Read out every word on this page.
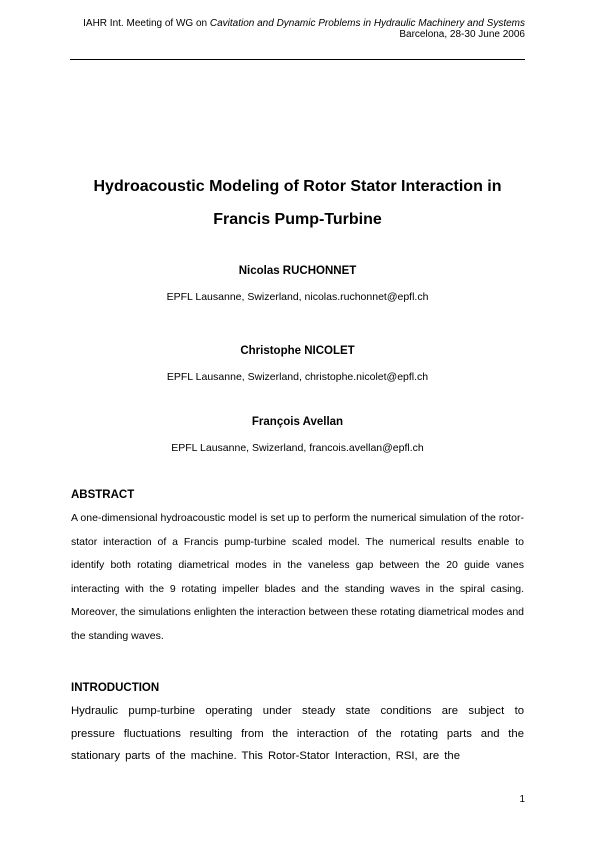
IAHR Int. Meeting of WG on Cavitation and Dynamic Problems in Hydraulic Machinery and Systems
Barcelona, 28-30 June 2006
Hydroacoustic Modeling of Rotor Stator Interaction in
Francis Pump-Turbine
Nicolas RUCHONNET
EPFL Lausanne, Swizerland, nicolas.ruchonnet@epfl.ch
Christophe NICOLET
EPFL Lausanne, Swizerland, christophe.nicolet@epfl.ch
François Avellan
EPFL Lausanne, Swizerland, francois.avellan@epfl.ch
ABSTRACT
A one-dimensional hydroacoustic model is set up to perform the numerical simulation of the rotor-stator interaction of a Francis pump-turbine scaled model. The numerical results enable to identify both rotating diametrical modes in the vaneless gap between the 20 guide vanes interacting with the 9 rotating impeller blades and the standing waves in the spiral casing. Moreover, the simulations enlighten the interaction between these rotating diametrical modes and the standing waves.
INTRODUCTION
Hydraulic pump-turbine operating under steady state conditions are subject to pressure fluctuations resulting from the interaction of the rotating parts and the stationary parts of the machine. This Rotor-Stator Interaction, RSI, are the
1
